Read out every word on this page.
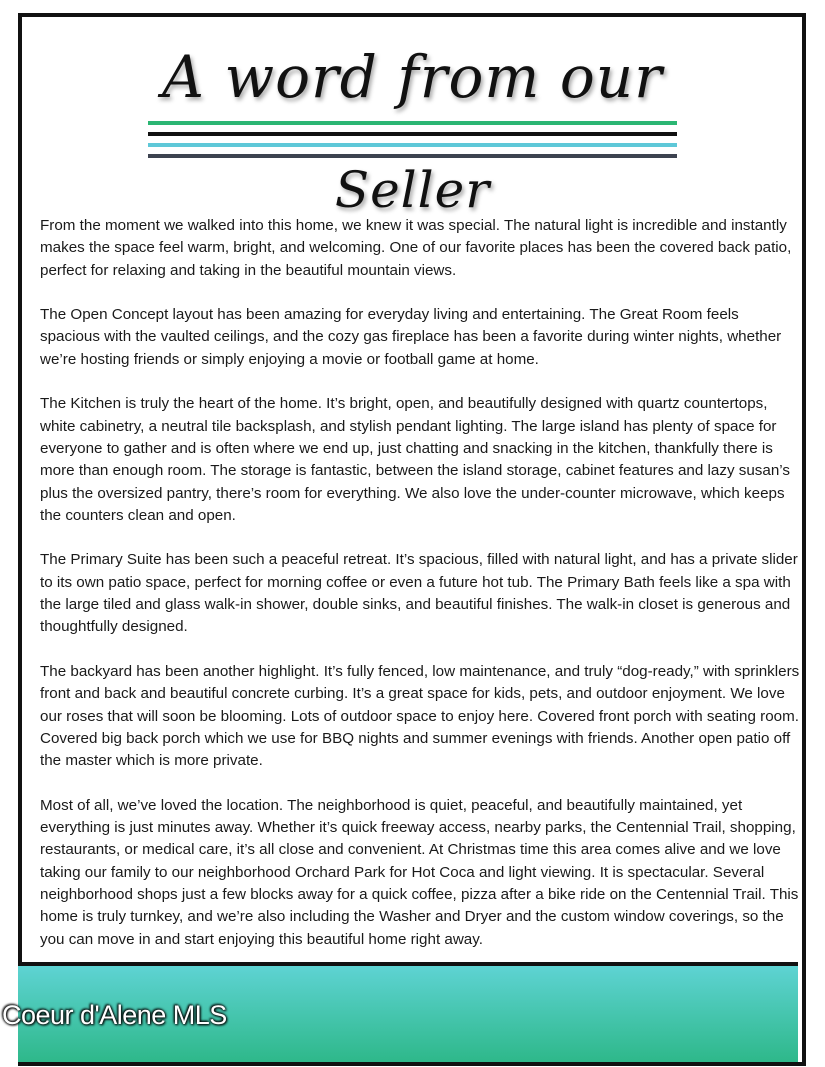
A word from our
Seller

From the moment we walked into this home, we knew it was special. The natural light is incredible and instantly makes the space feel warm, bright, and welcoming. One of our favorite places has been the covered back patio, perfect for relaxing and taking in the beautiful mountain views.

The Open Concept layout has been amazing for everyday living and entertaining. The Great Room feels spacious with the vaulted ceilings, and the cozy gas fireplace has been a favorite during winter nights, whether we’re hosting friends or simply enjoying a movie or football game at home.

The Kitchen is truly the heart of the home. It’s bright, open, and beautifully designed with quartz countertops, white cabinetry, a neutral tile backsplash, and stylish pendant lighting. The large island has plenty of space for everyone to gather and is often where we end up, just chatting and snacking in the kitchen, thankfully there is more than enough room. The storage is fantastic, between the island storage, cabinet features and lazy susan’s plus the oversized pantry, there’s room for everything. We also love the under-counter microwave, which keeps the counters clean and open.

The Primary Suite has been such a peaceful retreat. It’s spacious, filled with natural light, and has a private slider to its own patio space, perfect for morning coffee or even a future hot tub. The Primary Bath feels like a spa with the large tiled and glass walk-in shower, double sinks, and beautiful finishes. The walk-in closet is generous and thoughtfully designed.

The backyard has been another highlight. It’s fully fenced, low maintenance, and truly “dog-ready,” with sprinklers front and back and beautiful concrete curbing. It’s a great space for kids, pets, and outdoor enjoyment. We love our roses that will soon be blooming. Lots of outdoor space to enjoy here. Covered front porch with seating room. Covered big back porch which we use for BBQ nights and summer evenings with friends. Another open patio off the master which is more private.

Most of all, we’ve loved the location. The neighborhood is quiet, peaceful, and beautifully maintained, yet everything is just minutes away. Whether it’s quick freeway access, nearby parks, the Centennial Trail, shopping, restaurants, or medical care, it’s all close and convenient. At Christmas time this area comes alive and we love taking our family to our neighborhood Orchard Park for Hot Coca and light viewing. It is spectacular. Several neighborhood shops just a few blocks away for a quick coffee, pizza after a bike ride on the Centennial Trail. This home is truly turnkey, and we’re also including the Washer and Dryer and the custom window coverings, so the you can move in and start enjoying this beautiful home right away.

Coeur d'Alene MLS
